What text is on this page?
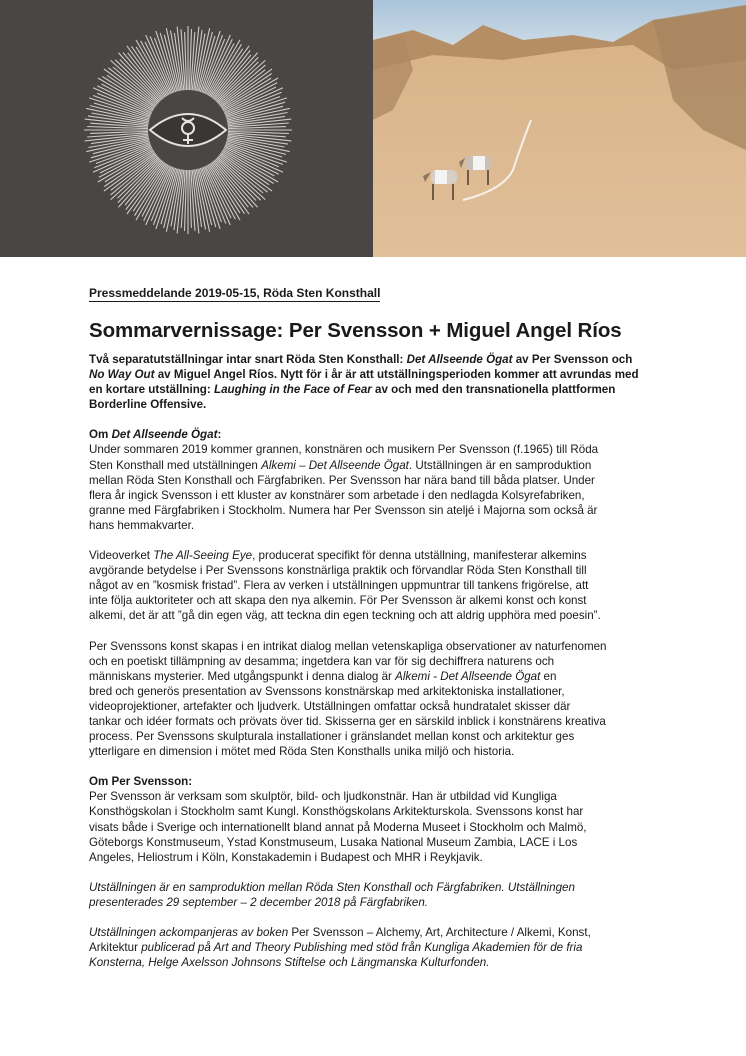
Pressmeddelande 2019-05-15, Röda Sten Konsthall
Sommarvernissage: Per Svensson + Miguel Angel Ríos

Två separatutställningar intar snart Röda Sten Konsthall: Det Allseende Ögat av Per Svensson och
No Way Out av Miguel Angel Ríos. Nytt för i år är att utställningsperioden kommer att avrundas med
en kortare utställning: Laughing in the Face of Fear av och med den transnationella plattformen
Borderline Offensive.

Om Det Allseende Ögat:

Under sommaren 2019 kommer grannen, konstnären och musikern Per Svensson (f.1965) till Röda
Sten Konsthall med utställningen Alkemi – Det Allseende Ögat. Utställningen är en samproduktion
mellan Röda Sten Konsthall och Färgfabriken. Per Svensson har nära band till båda platser. Under
flera år ingick Svensson i ett kluster av konstnärer som arbetade i den nedlagda Kolsyrefabriken,
granne med Färgfabriken i Stockholm. Numera har Per Svensson sin ateljé i Majorna som också är
hans hemmakvarter.

Videoverket The All-Seeing Eye, producerat specifikt för denna utställning, manifesterar alkemins
avgörande betydelse i Per Svenssons konstnärliga praktik och förvandlar Röda Sten Konsthall till
något av en ”kosmisk fristad”. Flera av verken i utställningen uppmuntrar till tankens frigörelse, att
inte följa auktoriteter och att skapa den nya alkemin. För Per Svensson är alkemi konst och konst
alkemi, det är att ”gå din egen väg, att teckna din egen teckning och att aldrig upphöra med poesin”.

Per Svenssons konst skapas i en intrikat dialog mellan vetenskapliga observationer av naturfenomen
och en poetiskt tillämpning av desamma; ingetdera kan var för sig dechiffrera naturens och
människans mysterier. Med utgångspunkt i denna dialog är Alkemi - Det Allseende Ögat en
bred och generös presentation av Svenssons konstnärskap med arkitektoniska installationer,
videoprojektioner, artefakter och ljudverk. Utställningen omfattar också hundratalet skisser där
tankar och idéer formats och prövats över tid. Skisserna ger en särskild inblick i konstnärens kreativa
process. Per Svenssons skulpturala installationer i gränslandet mellan konst och arkitektur ges
ytterligare en dimension i mötet med Röda Sten Konsthalls unika miljö och historia.

Om Per Svensson:

Per Svensson är verksam som skulptör, bild- och ljudkonstnär. Han är utbildad vid Kungliga
Konsthögskolan i Stockholm samt Kungl. Konsthögskolans Arkitekturskola. Svenssons konst har
visats både i Sverige och internationellt bland annat på Moderna Museet i Stockholm och Malmö,
Göteborgs Konstmuseum, Ystad Konstmuseum, Lusaka National Museum Zambia, LACE i Los
Angeles, Heliostrum i Köln, Konstakademin i Budapest och MHR i Reykjavik.

Utställningen är en samproduktion mellan Röda Sten Konsthall och Färgfabriken. Utställningen
presenterades 29 september – 2 december 2018 på Färgfabriken.

Utställningen ackompanjeras av boken Per Svensson – Alchemy, Art, Architecture / Alkemi, Konst,
Arkitektur publicerad på Art and Theory Publishing med stöd från Kungliga Akademien för de fria
Konsterna, Helge Axelsson Johnsons Stiftelse och Längmanska Kulturfonden.
